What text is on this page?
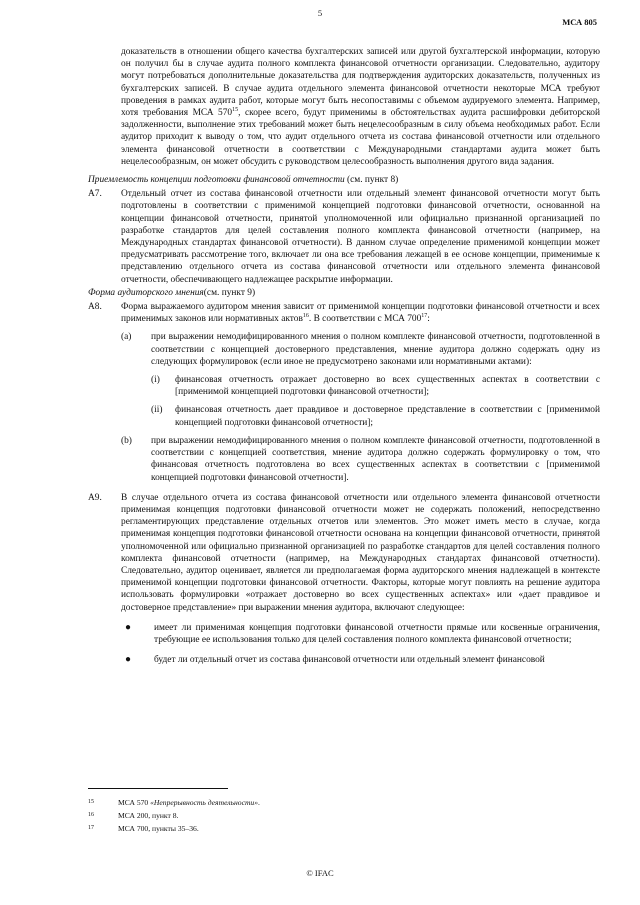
5
МСА 805

доказательств в отношении общего качества бухгалтерских записей или другой бухгалтерской информации, которую он получил бы в случае аудита полного комплекта финансовой отчетности организации. Следовательно, аудитору могут потребоваться дополнительные доказательства для подтверждения аудиторских доказательств, полученных из бухгалтерских записей. В случае аудита отдельного элемента финансовой отчетности некоторые МСА требуют проведения в рамках аудита работ, которые могут быть несопоставимы с объемом аудируемого элемента. Например, хотя требования МСА $570^{15}$, скорее всего, будут применимы в обстоятельствах аудита расшифровки дебиторской задолженности, выполнение этих требований может быть нецелесообразным в силу объема необходимых работ. Если аудитор приходит к выводу о том, что аудит отдельного отчета из состава финансовой отчетности или отдельного элемента финансовой отчетности в соответствии с Международными стандартами аудита может быть нецелесообразным, он может обсудить с руководством целесообразность выполнения другого вида задания.

Приемлемость концепции подготовки финансовой отчетности (см. пункт 8)
А7.	Отдельный отчет из состава финансовой отчетности или отдельный элемент финансовой отчетности могут быть подготовлены в соответствии с применимой концепцией подготовки финансовой отчетности, основанной на концепции финансовой отчетности, принятой уполномоченной или официально признанной организацией по разработке стандартов для целей составления полного комплекта финансовой отчетности (например, на Международных стандартах финансовой отчетности). В данном случае определение применимой концепции может предусматривать рассмотрение того, включает ли она все требования лежащей в ее основе концепции, применимые к представлению отдельного отчета из состава финансовой отчетности или отдельного элемента финансовой отчетности, обеспечивающего надлежащее раскрытие информации.

Форма аудиторского мнения(см. пункт 9)
А8.	Форма выражаемого аудитором мнения зависит от применимой концепции подготовки финансовой отчетности и всех применимых законов или нормативных актов$^{16}$. В соответствии с МСА $700^{17}$:

(a)	при выражении немодифицированного мнения о полном комплекте финансовой отчетности, подготовленной в соответствии с концепцией достоверного представления, мнение аудитора должно содержать одну из следующих формулировок (если иное не предусмотрено законами или нормативными актами):

(i)	финансовая отчетность отражает достоверно во всех существенных аспектах в соответствии с [применимой концепцией подготовки финансовой отчетности];

(ii)	финансовая отчетность дает правдивое и достоверное представление в соответствии с [применимой концепцией подготовки финансовой отчетности];

(b)	при выражении немодифицированного мнения о полном комплекте финансовой отчетности, подготовленной в соответствии с концепцией соответствия, мнение аудитора должно содержать формулировку о том, что финансовая отчетность подготовлена во всех существенных аспектах в соответствии с [применимой концепцией подготовки финансовой отчетности].

А9.	В случае отдельного отчета из состава финансовой отчетности или отдельного элемента финансовой отчетности применимая концепция подготовки финансовой отчетности может не содержать положений, непосредственно регламентирующих представление отдельных отчетов или элементов. Это может иметь место в случае, когда применимая концепция подготовки финансовой отчетности основана на концепции финансовой отчетности, принятой уполномоченной или официально признанной организацией по разработке стандартов для целей составления полного комплекта финансовой отчетности (например, на Международных стандартах финансовой отчетности). Следовательно, аудитор оценивает, является ли предполагаемая форма аудиторского мнения надлежащей в контексте применимой концепции подготовки финансовой отчетности. Факторы, которые могут повлиять на решение аудитора использовать формулировки «отражает достоверно во всех существенных аспектах» или «дает правдивое и достоверное представление» при выражении мнения аудитора, включают следующее:

●	имеет ли применимая концепция подготовки финансовой отчетности прямые или косвенные ограничения, требующие ее использования только для целей составления полного комплекта финансовой отчетности;

●	будет ли отдельный отчет из состава финансовой отчетности или отдельный элемент финансовой

15	МСА 570 «Непрерывность деятельности».
16	МСА 200, пункт 8.
17	МСА 700, пункты 35–36.
© IFAC
